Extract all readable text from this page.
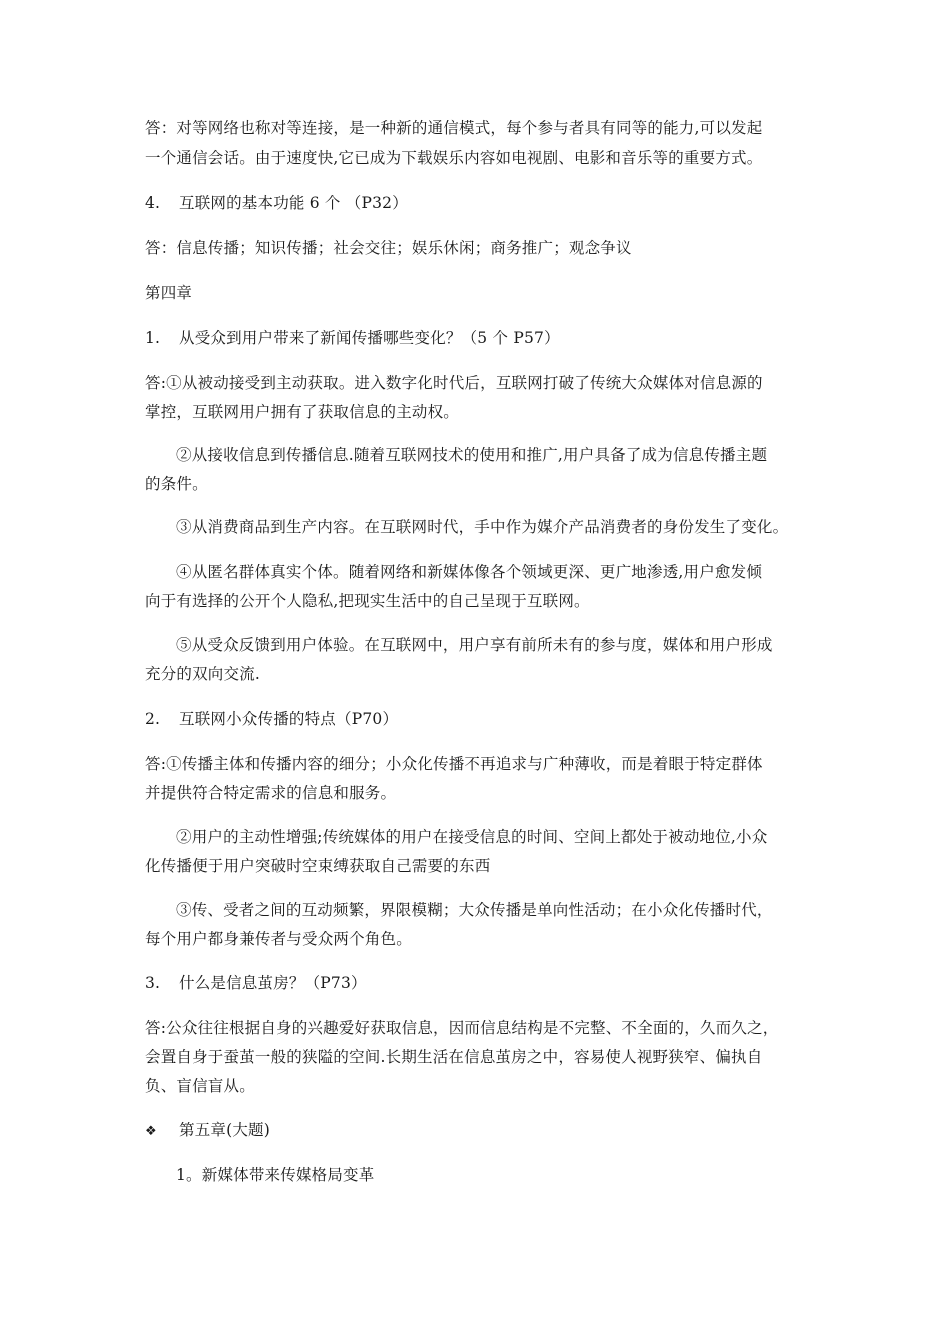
答：对等网络也称对等连接，是一种新的通信模式，每个参与者具有同等的能力,可以发起

一个通信会话。由于速度快,它已成为下载娱乐内容如电视剧、电影和音乐等的重要方式。

4. 互联网的基本功能 6 个 （P32）

答：信息传播；知识传播；社会交往；娱乐休闲；商务推广；观念争议

第四章

1. 从受众到用户带来了新闻传播哪些变化？（5 个 P57）

答:①从被动接受到主动获取。进入数字化时代后，互联网打破了传统大众媒体对信息源的

掌控，互联网用户拥有了获取信息的主动权。

②从接收信息到传播信息.随着互联网技术的使用和推广,用户具备了成为信息传播主题

的条件。

③从消费商品到生产内容。在互联网时代，手中作为媒介产品消费者的身份发生了变化。

④从匿名群体真实个体。随着网络和新媒体像各个领域更深、更广地渗透,用户愈发倾

向于有选择的公开个人隐私,把现实生活中的自己呈现于互联网。

⑤从受众反馈到用户体验。在互联网中，用户享有前所未有的参与度，媒体和用户形成

充分的双向交流.

2. 互联网小众传播的特点（P70）

答:①传播主体和传播内容的细分；小众化传播不再追求与广种薄收，而是着眼于特定群体

并提供符合特定需求的信息和服务。

②用户的主动性增强;传统媒体的用户在接受信息的时间、空间上都处于被动地位,小众

化传播便于用户突破时空束缚获取自己需要的东西

③传、受者之间的互动频繁，界限模糊；大众传播是单向性活动；在小众化传播时代，

每个用户都身兼传者与受众两个角色。

3. 什么是信息茧房？（P73）

答:公众往往根据自身的兴趣爱好获取信息，因而信息结构是不完整、不全面的，久而久之，

会置自身于蚕茧一般的狭隘的空间.长期生活在信息茧房之中，容易使人视野狭窄、偏执自

负、盲信盲从。

❖ 第五章(大题)

1。新媒体带来传媒格局变革
